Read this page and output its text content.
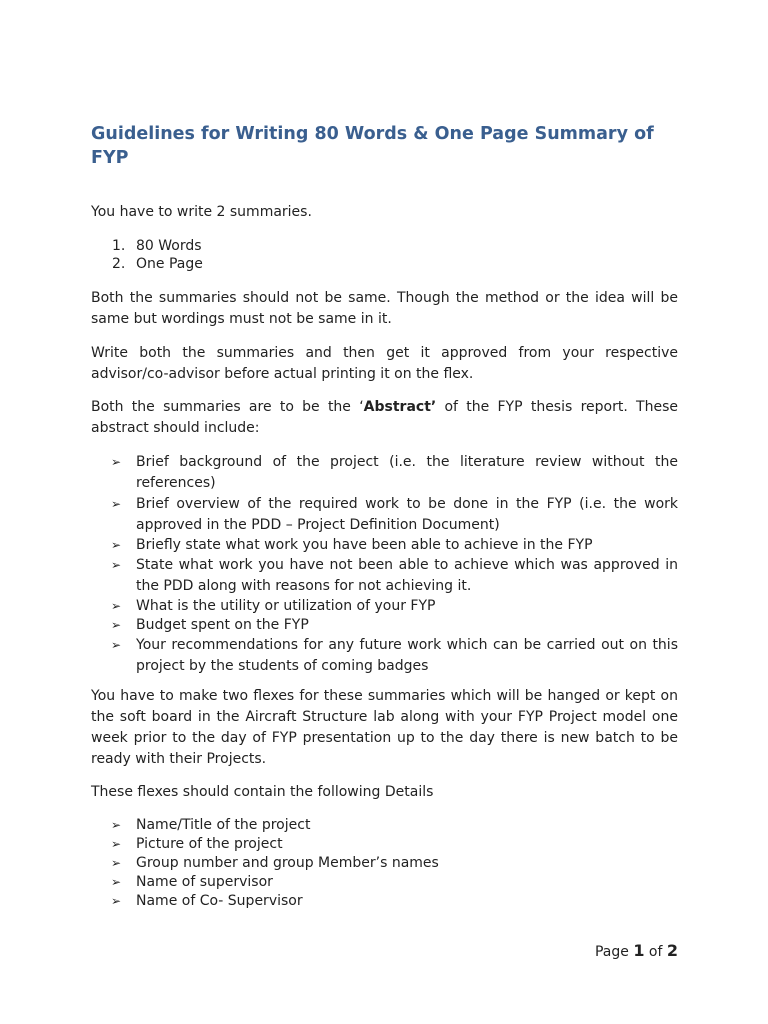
Guidelines for Writing 80 Words & One Page Summary of FYP

You have to write 2 summaries.

1. 80 Words
2. One Page

Both the summaries should not be same. Though the method or the idea will be same but wordings must not be same in it.

Write both the summaries and then get it approved from your respective advisor/co-advisor before actual printing it on the flex.

Both the summaries are to be the ‘Abstract’ of the FYP thesis report. These abstract should include:

➢ Brief background of the project (i.e. the literature review without the references)
➢ Brief overview of the required work to be done in the FYP (i.e. the work approved in the PDD – Project Definition Document)
➢ Briefly state what work you have been able to achieve in the FYP
➢ State what work you have not been able to achieve which was approved in the PDD along with reasons for not achieving it.
➢ What is the utility or utilization of your FYP
➢ Budget spent on the FYP
➢ Your recommendations for any future work which can be carried out on this project by the students of coming badges

You have to make two flexes for these summaries which will be hanged or kept on the soft board in the Aircraft Structure lab along with your FYP Project model one week prior to the day of FYP presentation up to the day there is new batch to be ready with their Projects.

These flexes should contain the following Details

➢ Name/Title of the project
➢ Picture of the project
➢ Group number and group Member’s names
➢ Name of supervisor
➢ Name of Co- Supervisor
Page 1 of 2
